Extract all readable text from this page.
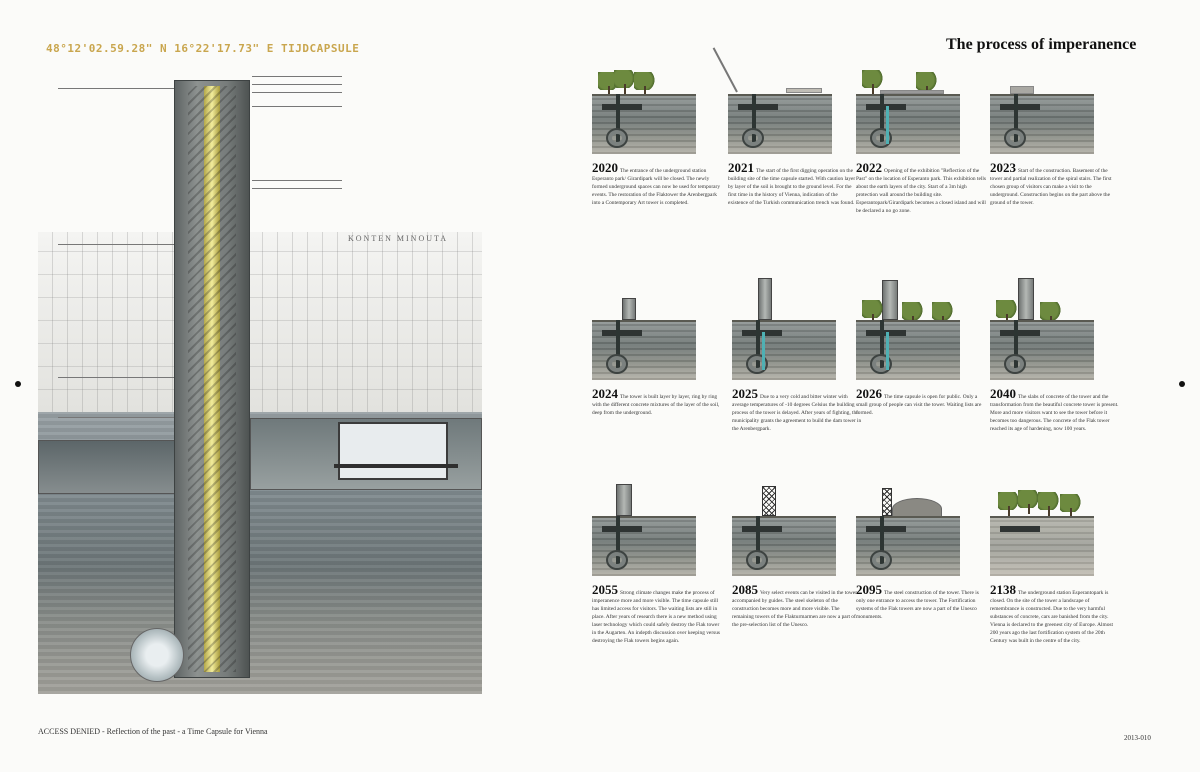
48°12'02.59.28" N 16°22'17.73" E TIJDCAPSULE	The process of imperanence
KONTEN MINOUTA
2020 The entrance of the underground station Esperanto park/ Girardipark will be closed. The newly formed underground spaces can now be used for temporary events. The restoration of the Flaktower the Arenbergpark into a Contemporary Art tower is completed.
2021 The start of the first digging operation on the building site of the time capsule started. With caution layer by layer of the soil is brought to the ground level. For the first time in the history of Vienna, indication of the existence of the Turkish communication trench was found.
2022 Opening of the exhibition "Reflection of the Past" on the location of Esperanto park. This exhibition tells about the earth layers of the city. Start of a 3m high protection wall around the building site. Esperantopark/Girardipark becomes a closed island and will be declared a no go zone.
2023 Start of the construction. Basement of the tower and partial realization of the spiral stairs. The first chosen group of visitors can make a visit to the underground. Construction begins on the part above the ground of the tower.
2024 The tower is built layer by layer, ring by ring with the different concrete mixtures of the layer of the soil, deep from the underground.
2025 Due to a very cold and bitter winter with average temperatures of -10 degrees Celsius the building process of the tower is delayed. After years of fighting, the municipality grants the agreement to build the dam tower in the Arenbergpark.
2026 The time capsule is open for public. Only a small group of people can visit the tower. Waiting lists are formed.
2040 The slabs of concrete of the tower and the transformation from the beautiful concrete tower is present. More and more visitors want to see the tower before it becomes too dangerous. The concrete of the Flak tower reached its age of hardening, now 100 years.
2055 Strong climate changes make the process of imperanence more and more visible. The time capsule still has limited access for visitors. The waiting lists are still in place. After years of research there is a new method using laser technology which could safely destroy the Flak tower in the Augarten. An indepth discussion over keeping versus destroying the Flak towers begins again.
2085 Very select events can be visited in the tower accompanied by guides. The steel skeleton of the construction becomes more and more visible. The remaining towers of the Flakturmarmen are now a part of the pre-selection list of the Unesco.
2095 The steel construction of the tower. There is only one entrance to access the tower. The Fortification systems of the Flak towers are now a part of the Unesco monuments.
2138 The underground station Esperantopark is closed. On the site of the tower a landscape of remembrance is constructed. Due to the very harmful substances of concrete, cars are banished from the city. Vienna is declared to the greenest city of Europe. Almost 200 years ago the last fortification system of the 20th Century was built in the centre of the city.
ACCESS DENIED - Reflection of the past - a Time Capsule for Vienna
2013-010
